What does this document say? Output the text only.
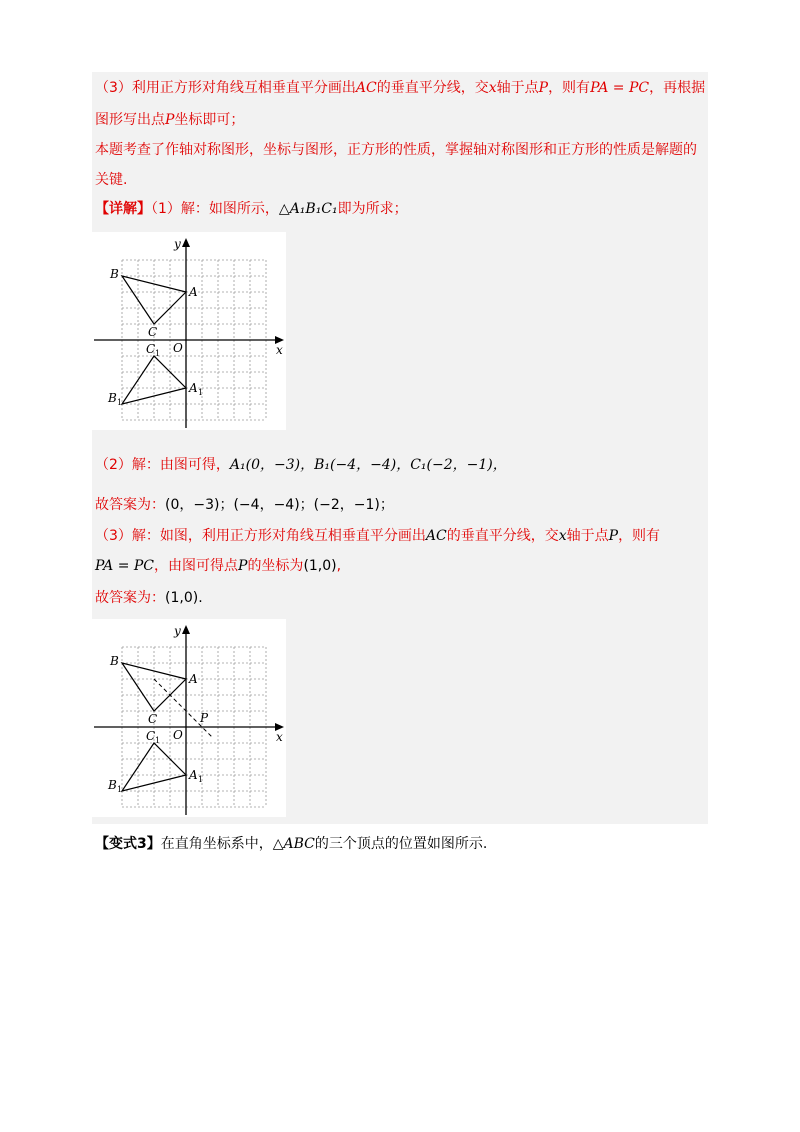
（3）利用正方形对角线互相垂直平分画出AC的垂直平分线，交x轴于点P，则有PA = PC，再根据
图形写出点P坐标即可；
本题考查了作轴对称图形，坐标与图形，正方形的性质，掌握轴对称图形和正方形的性质是解题的
关键.
【详解】（1）解：如图所示，△A₁B₁C₁即为所求；
y
x
O
A
B
C
A 1
B 1
C 1
（2）解：由图可得，A₁(0，−3)，B₁(−4，−4)，C₁(−2，−1)，
故答案为：(0，−3)；(−4，−4)；(−2，−1)；
（3）解：如图，利用正方形对角线互相垂直平分画出AC的垂直平分线，交x轴于点P，则有
PA = PC，由图可得点P的坐标为(1,0),
故答案为：(1,0).
y
x
O
A
B
C	P
A 1
B 1
C 1
【变式3】在直角坐标系中，△ABC的三个顶点的位置如图所示.
